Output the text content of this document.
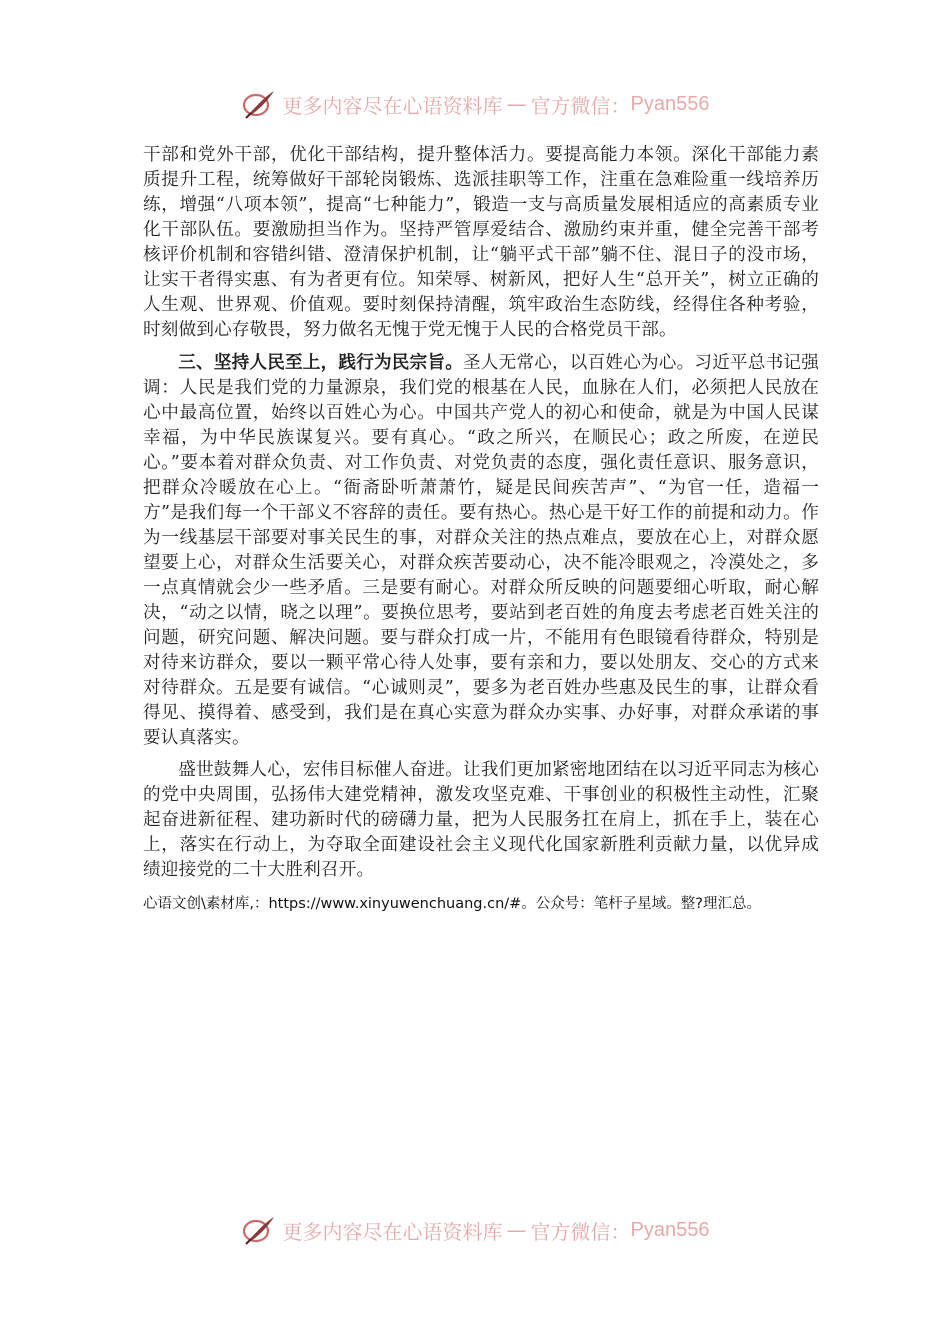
更多内容尽在心语资料库 — 官方微信： Pyan556

干部和党外干部，优化干部结构，提升整体活力。要提高能力本领。深化干部能力素质提升工程，统筹做好干部轮岗锻炼、选派挂职等工作，注重在急难险重一线培养历练，增强“八项本领”，提高“七种能力”，锻造一支与高质量发展相适应的高素质专业化干部队伍。要激励担当作为。坚持严管厚爱结合、激励约束并重，健全完善干部考核评价机制和容错纠错、澄清保护机制，让“躺平式干部”躺不住、混日子的没市场，让实干者得实惠、有为者更有位。知荣辱、树新风，把好人生“总开关”，树立正确的人生观、世界观、价值观。要时刻保持清醒，筑牢政治生态防线，经得住各种考验，时刻做到心存敬畏，努力做名无愧于党无愧于人民的合格党员干部。

三、坚持人民至上，践行为民宗旨。圣人无常心，以百姓心为心。习近平总书记强调：人民是我们党的力量源泉，我们党的根基在人民，血脉在人们，必须把人民放在心中最高位置，始终以百姓心为心。中国共产党人的初心和使命，就是为中国人民谋幸福，为中华民族谋复兴。要有真心。“政之所兴，在顺民心；政之所废，在逆民心。”要本着对群众负责、对工作负责、对党负责的态度，强化责任意识、服务意识，把群众冷暖放在心上。“衙斋卧听萧萧竹，疑是民间疾苦声”、“为官一任，造福一方”是我们每一个干部义不容辞的责任。要有热心。热心是干好工作的前提和动力。作为一线基层干部要对事关民生的事，对群众关注的热点难点，要放在心上，对群众愿望要上心，对群众生活要关心，对群众疾苦要动心，决不能冷眼观之，冷漠处之，多一点真情就会少一些矛盾。三是要有耐心。对群众所反映的问题要细心听取，耐心解决，“动之以情，晓之以理”。要换位思考，要站到老百姓的角度去考虑老百姓关注的问题，研究问题、解决问题。要与群众打成一片，不能用有色眼镜看待群众，特别是对待来访群众，要以一颗平常心待人处事，要有亲和力，要以处朋友、交心的方式来对待群众。五是要有诚信。“心诚则灵”，要多为老百姓办些惠及民生的事，让群众看得见、摸得着、感受到，我们是在真心实意为群众办实事、办好事，对群众承诺的事要认真落实。

盛世鼓舞人心，宏伟目标催人奋进。让我们更加紧密地团结在以习近平同志为核心的党中央周围，弘扬伟大建党精神，激发攻坚克难、干事创业的积极性主动性，汇聚起奋进新征程、建功新时代的磅礴力量，把为人民服务扛在肩上，抓在手上，装在心上，落实在行动上，为夺取全面建设社会主义现代化国家新胜利贡献力量，以优异成绩迎接党的二十大胜利召开。

心语文创\素材库,：https://www.xinyuwenchuang.cn/#。公众号：笔杆子星域。整?理汇总。

更多内容尽在心语资料库 — 官方微信： Pyan556
